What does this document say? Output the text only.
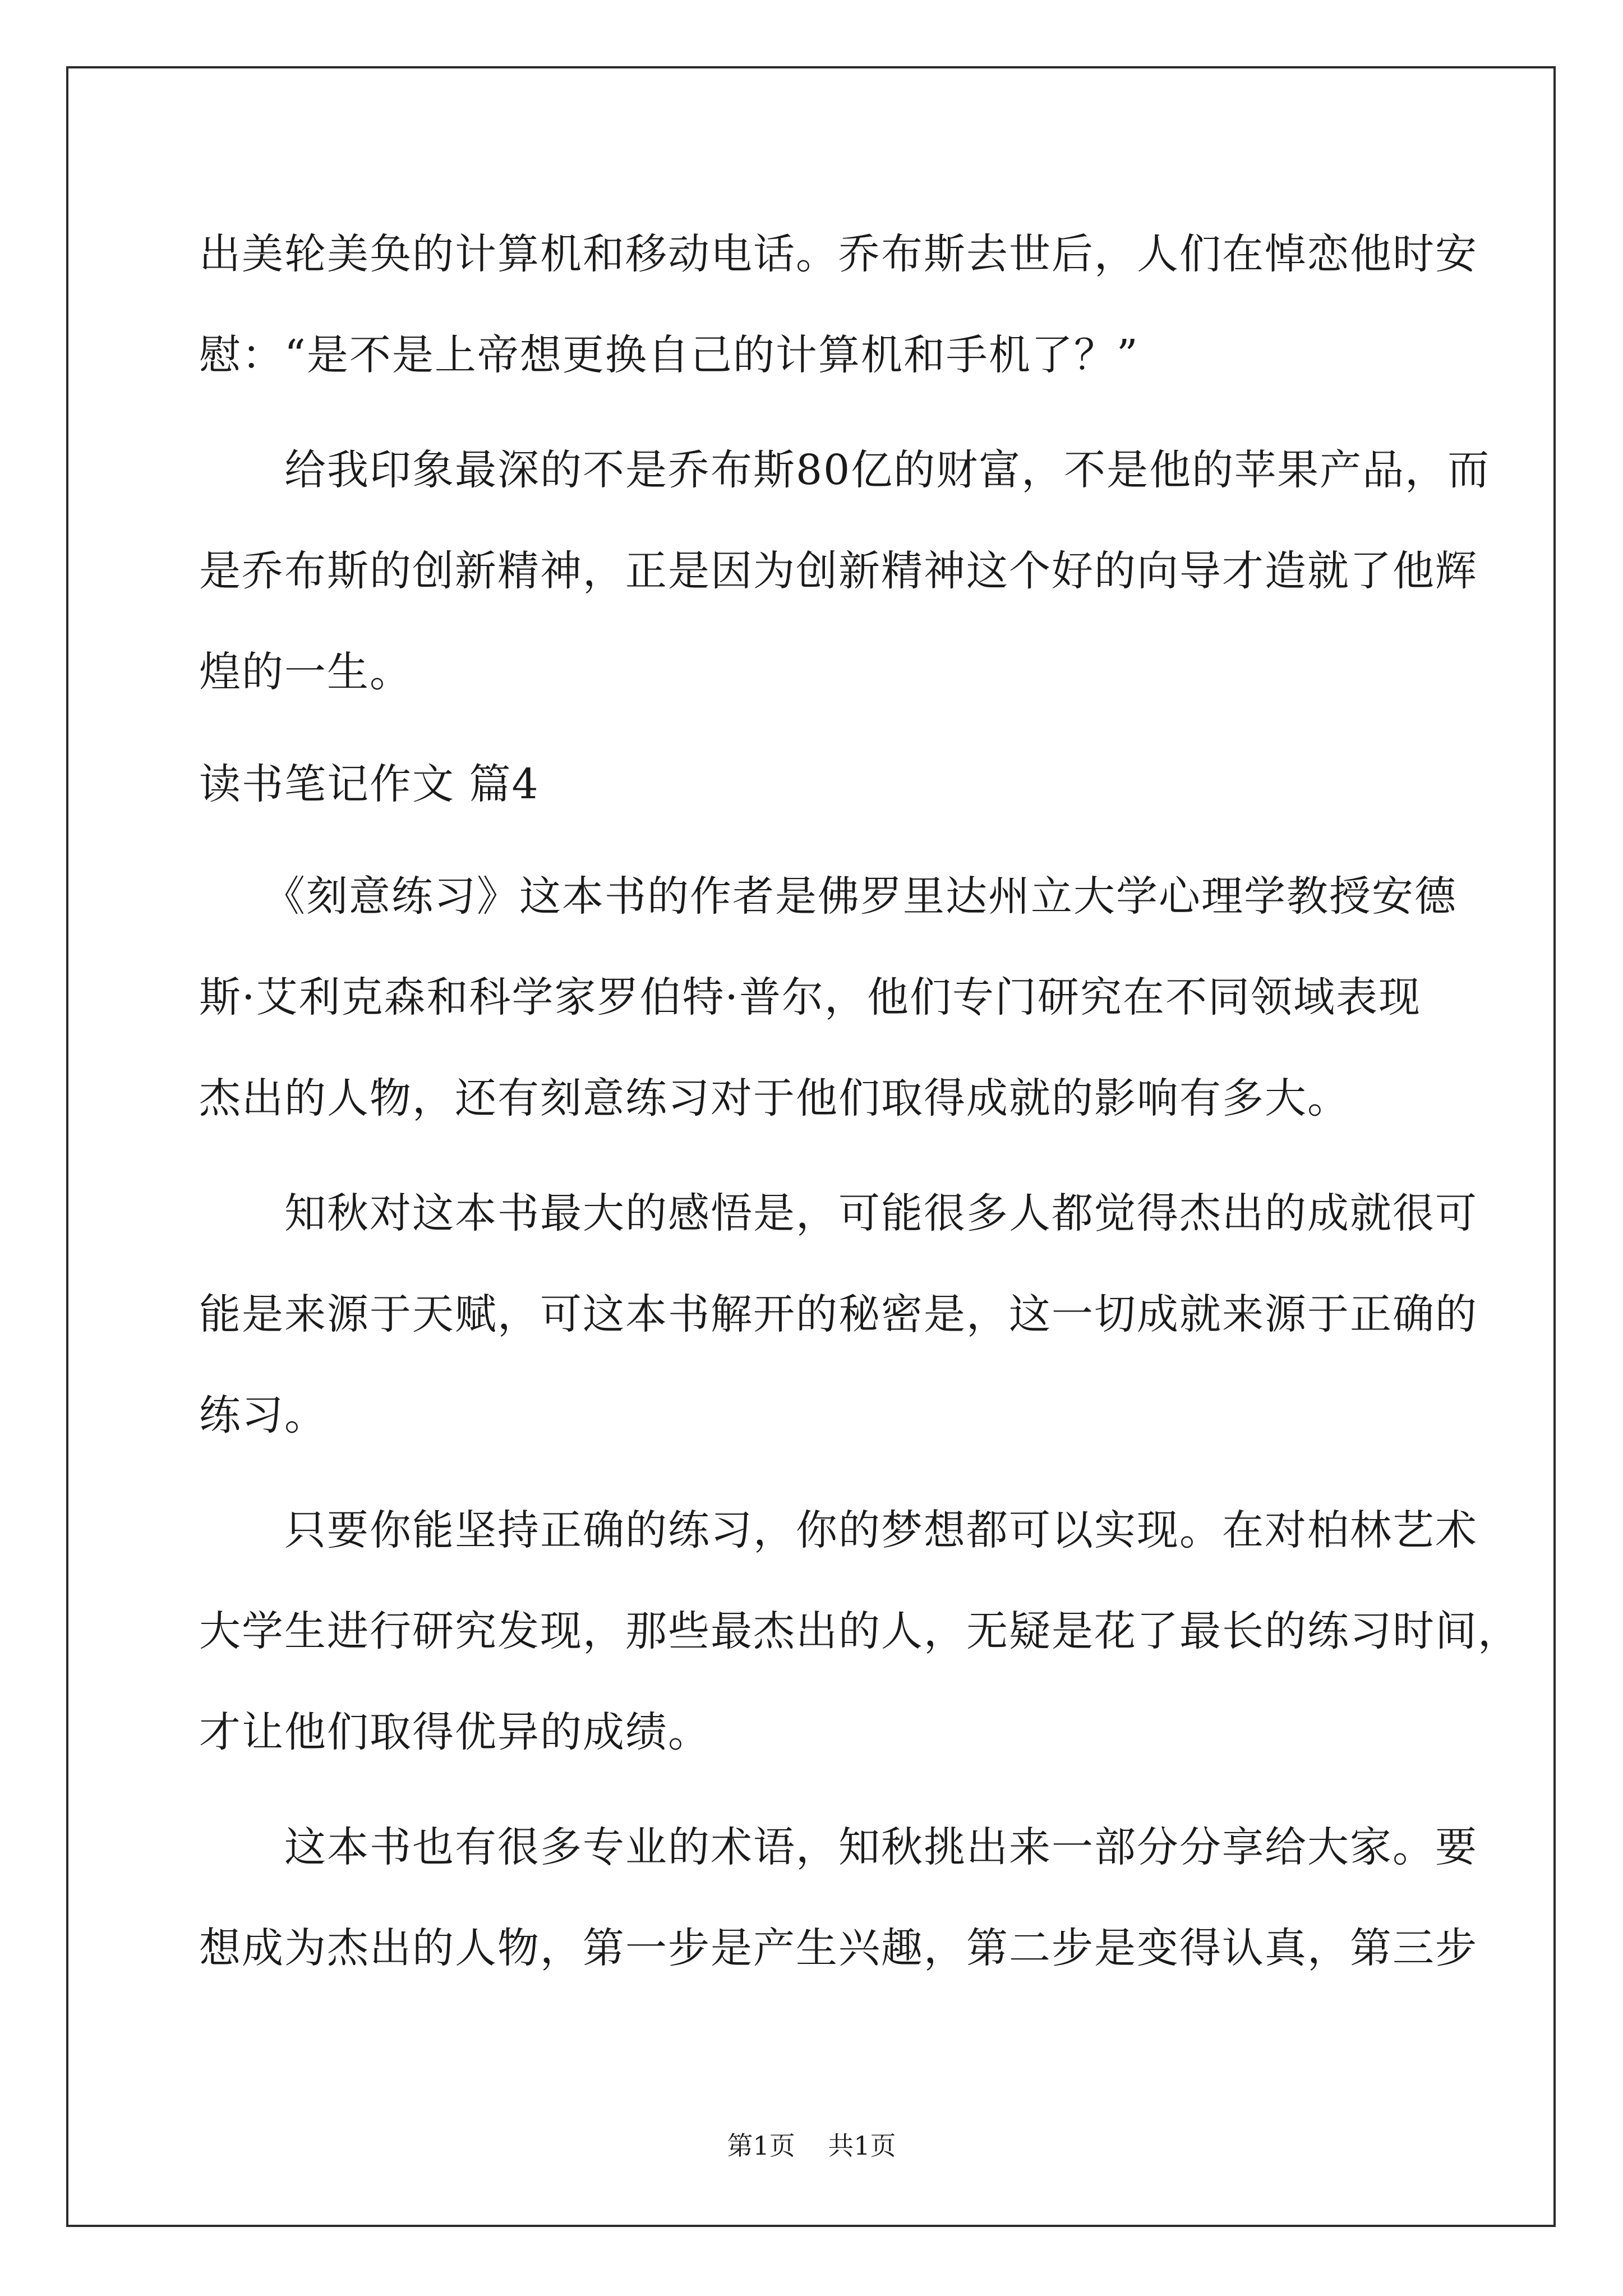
出美轮美奂的计算机和移动电话。乔布斯去世后，人们在悼恋他时安
慰：“是不是上帝想更换自己的计算机和手机了？”
　　给我印象最深的不是乔布斯80亿的财富，不是他的苹果产品，而
是乔布斯的创新精神，正是因为创新精神这个好的向导才造就了他辉
煌的一生。
读书笔记作文 篇4
　　《刻意练习》这本书的作者是佛罗里达州立大学心理学教授安德
斯·艾利克森和科学家罗伯特·普尔，他们专门研究在不同领域表现
杰出的人物，还有刻意练习对于他们取得成就的影响有多大。
　　知秋对这本书最大的感悟是，可能很多人都觉得杰出的成就很可
能是来源于天赋，可这本书解开的秘密是，这一切成就来源于正确的
练习。
　　只要你能坚持正确的练习，你的梦想都可以实现。在对柏林艺术
大学生进行研究发现，那些最杰出的人，无疑是花了最长的练习时间，
才让他们取得优异的成绩。
　　这本书也有很多专业的术语，知秋挑出来一部分分享给大家。要
想成为杰出的人物，第一步是产生兴趣，第二步是变得认真，第三步
第1页 共1页
